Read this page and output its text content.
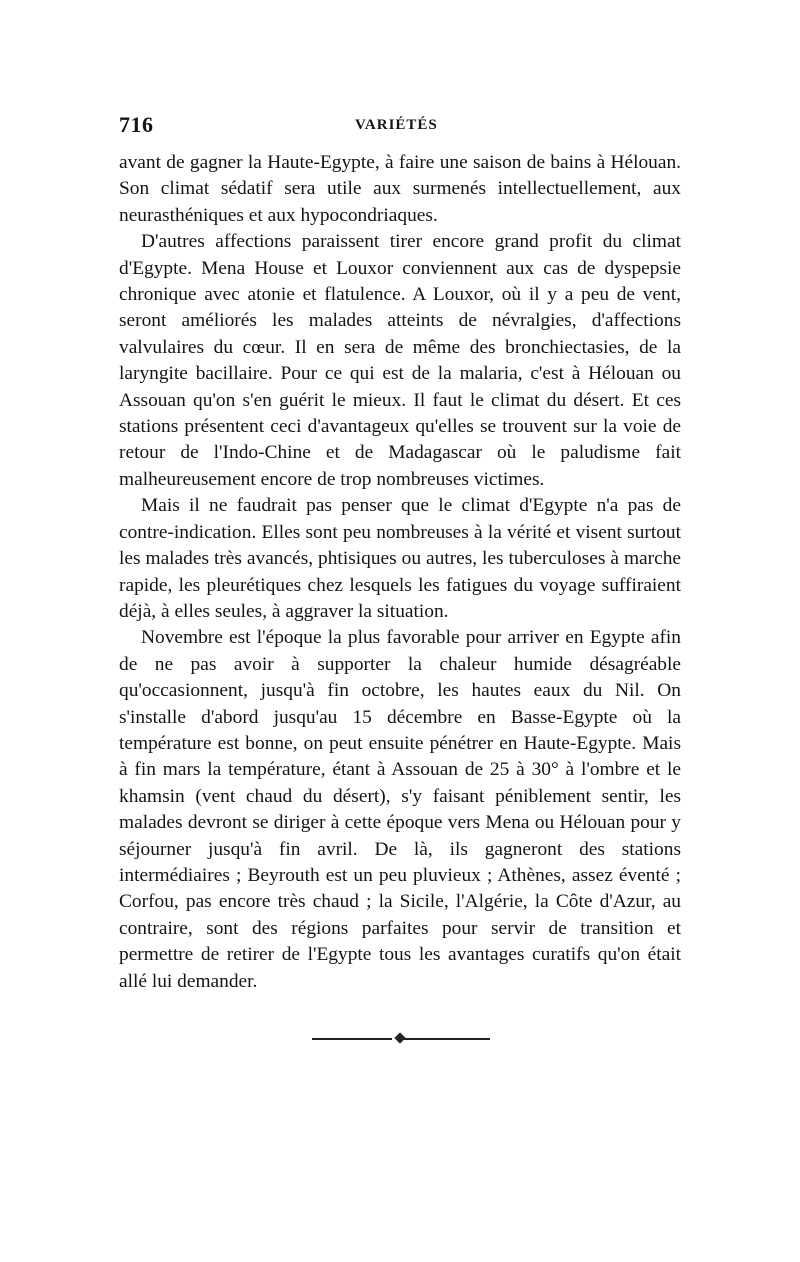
716	VARIÉTÉS

avant de gagner la Haute-Egypte, à faire une saison de bains à Hélouan. Son climat sédatif sera utile aux surmenés intellectuellement, aux neurasthéniques et aux hypocondriaques.

D'autres affections paraissent tirer encore grand profit du climat d'Egypte. Mena House et Louxor conviennent aux cas de dyspepsie chronique avec atonie et flatulence. A Louxor, où il y a peu de vent, seront améliorés les malades atteints de névralgies, d'affections valvulaires du cœur. Il en sera de même des bronchiectasies, de la laryngite bacillaire. Pour ce qui est de la malaria, c'est à Hélouan ou Assouan qu'on s'en guérit le mieux. Il faut le climat du désert. Et ces stations présentent ceci d'avantageux qu'elles se trouvent sur la voie de retour de l'Indo-Chine et de Madagascar où le paludisme fait malheureusement encore de trop nombreuses victimes.

Mais il ne faudrait pas penser que le climat d'Egypte n'a pas de contre-indication. Elles sont peu nombreuses à la vérité et visent surtout les malades très avancés, phtisiques ou autres, les tuberculoses à marche rapide, les pleurétiques chez lesquels les fatigues du voyage suffiraient déjà, à elles seules, à aggraver la situation.

Novembre est l'époque la plus favorable pour arriver en Egypte afin de ne pas avoir à supporter la chaleur humide désagréable qu'occasionnent, jusqu'à fin octobre, les hautes eaux du Nil. On s'installe d'abord jusqu'au 15 décembre en Basse-Egypte où la température est bonne, on peut ensuite pénétrer en Haute-Egypte. Mais à fin mars la température, étant à Assouan de 25 à 30° à l'ombre et le khamsin (vent chaud du désert), s'y faisant péniblement sentir, les malades devront se diriger à cette époque vers Mena ou Hélouan pour y séjourner jusqu'à fin avril. De là, ils gagneront des stations intermédiaires ; Beyrouth est un peu pluvieux ; Athènes, assez éventé ; Corfou, pas encore très chaud ; la Sicile, l'Algérie, la Côte d'Azur, au contraire, sont des régions parfaites pour servir de transition et permettre de retirer de l'Egypte tous les avantages curatifs qu'on était allé lui demander.
